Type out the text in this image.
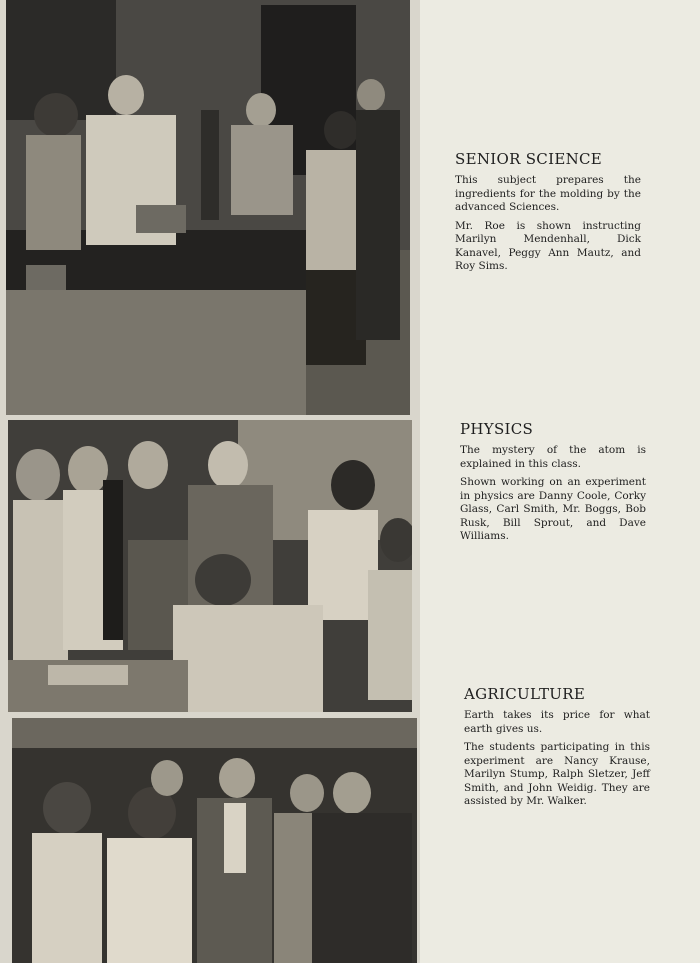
SENIOR SCIENCE

This subject prepares the ingredients for the molding by the advanced Sciences.

Mr. Roe is shown instructing Marilyn Mendenhall, Dick Kanavel, Peggy Ann Mautz, and Roy Sims.

PHYSICS

The mystery of the atom is explained in this class.

Shown working on an experiment in physics are Danny Coole, Corky Glass, Carl Smith, Mr. Boggs, Bob Rusk, Bill Sprout, and Dave Williams.

AGRICULTURE

Earth takes its price for what earth gives us.

The students participating in this experiment are Nancy Krause, Marilyn Stump, Ralph Sletzer, Jeff Smith, and John Weidig. They are assisted by Mr. Walker.
